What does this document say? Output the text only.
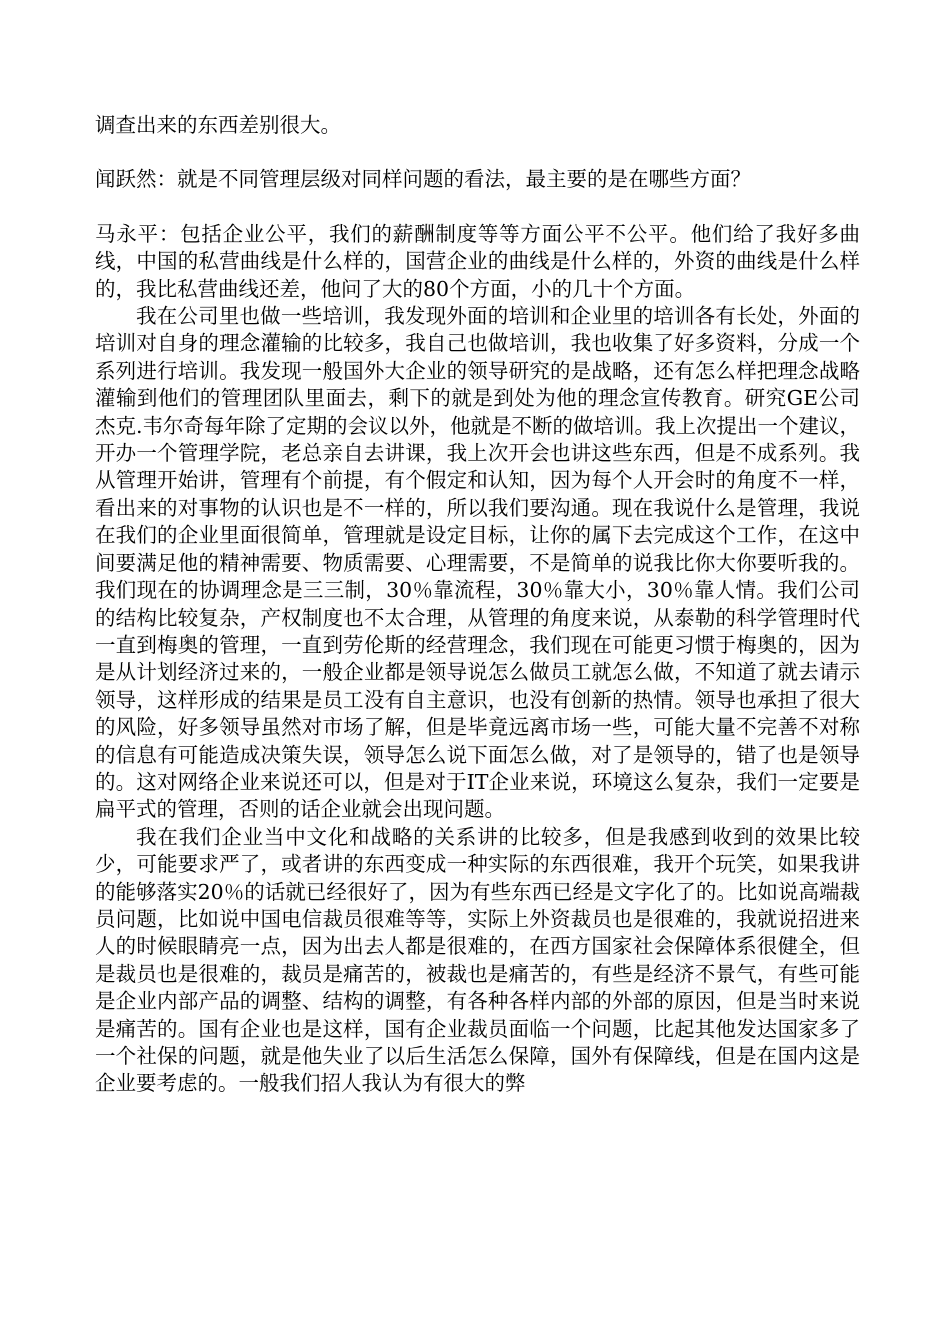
调查出来的东西差别很大。

闻跃然：就是不同管理层级对同样问题的看法，最主要的是在哪些方面？

马永平：包括企业公平，我们的薪酬制度等等方面公平不公平。他们给了我好多曲线，中国的私营曲线是什么样的，国营企业的曲线是什么样的，外资的曲线是什么样的，我比私营曲线还差，他问了大的80个方面，小的几十个方面。

我在公司里也做一些培训，我发现外面的培训和企业里的培训各有长处，外面的培训对自身的理念灌输的比较多，我自己也做培训，我也收集了好多资料，分成一个系列进行培训。我发现一般国外大企业的领导研究的是战略，还有怎么样把理念战略灌输到他们的管理团队里面去，剩下的就是到处为他的理念宣传教育。研究GE公司杰克.韦尔奇每年除了定期的会议以外，他就是不断的做培训。我上次提出一个建议，开办一个管理学院，老总亲自去讲课，我上次开会也讲这些东西，但是不成系列。我从管理开始讲，管理有个前提，有个假定和认知，因为每个人开会时的角度不一样，看出来的对事物的认识也是不一样的，所以我们要沟通。现在我说什么是管理，我说在我们的企业里面很简单，管理就是设定目标，让你的属下去完成这个工作，在这中间要满足他的精神需要、物质需要、心理需要，不是简单的说我比你大你要听我的。我们现在的协调理念是三三制，30％靠流程，30％靠大小，30％靠人情。我们公司的结构比较复杂，产权制度也不太合理，从管理的角度来说，从泰勒的科学管理时代一直到梅奥的管理，一直到劳伦斯的经营理念，我们现在可能更习惯于梅奥的，因为是从计划经济过来的，一般企业都是领导说怎么做员工就怎么做，不知道了就去请示领导，这样形成的结果是员工没有自主意识，也没有创新的热情。领导也承担了很大的风险，好多领导虽然对市场了解，但是毕竟远离市场一些，可能大量不完善不对称的信息有可能造成决策失误，领导怎么说下面怎么做，对了是领导的，错了也是领导的。这对网络企业来说还可以，但是对于IT企业来说，环境这么复杂，我们一定要是扁平式的管理，否则的话企业就会出现问题。

我在我们企业当中文化和战略的关系讲的比较多，但是我感到收到的效果比较少，可能要求严了，或者讲的东西变成一种实际的东西很难，我开个玩笑，如果我讲的能够落实20％的话就已经很好了，因为有些东西已经是文字化了的。比如说高端裁员问题，比如说中国电信裁员很难等等，实际上外资裁员也是很难的，我就说招进来人的时候眼睛亮一点，因为出去人都是很难的，在西方国家社会保障体系很健全，但是裁员也是很难的，裁员是痛苦的，被裁也是痛苦的，有些是经济不景气，有些可能是企业内部产品的调整、结构的调整，有各种各样内部的外部的原因，但是当时来说是痛苦的。国有企业也是这样，国有企业裁员面临一个问题，比起其他发达国家多了一个社保的问题，就是他失业了以后生活怎么保障，国外有保障线，但是在国内这是企业要考虑的。一般我们招人我认为有很大的弊
